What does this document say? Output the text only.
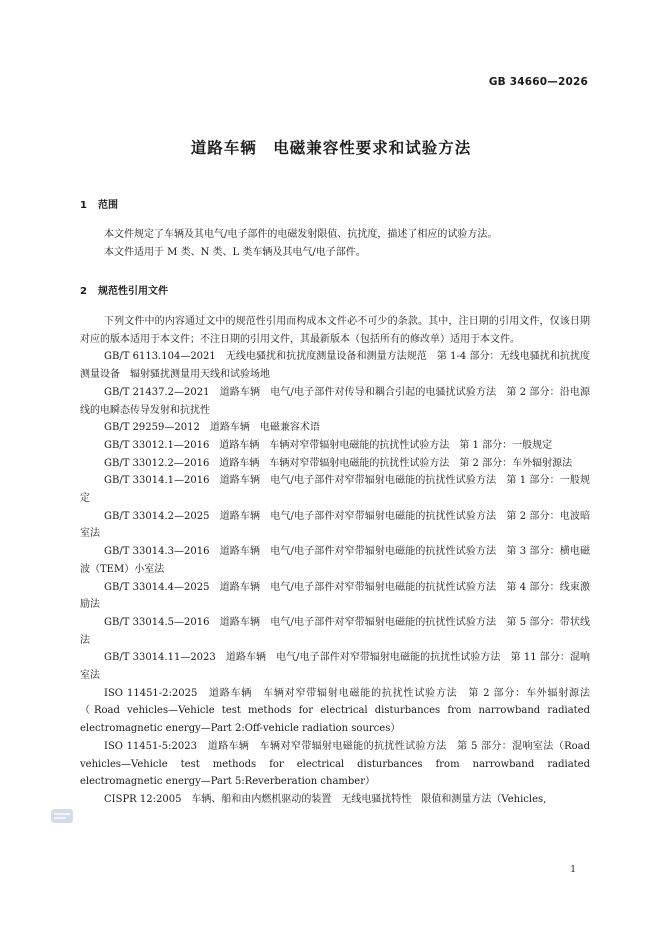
GB 34660—2026
道路车辆　电磁兼容性要求和试验方法
1 范围
本文件规定了车辆及其电气/电子部件的电磁发射限值、抗扰度，描述了相应的试验方法。
本文件适用于 M 类、N 类、L 类车辆及其电气/电子部件。
2 规范性引用文件

下列文件中的内容通过文中的规范性引用而构成本文件必不可少的条款。其中，注日期的引用文件，仅该日期对应的版本适用于本文件；不注日期的引用文件，其最新版本（包括所有的修改单）适用于本文件。

GB/T 6113.104—2021　无线电骚扰和抗扰度测量设备和测量方法规范　第 1-4 部分：无线电骚扰和抗扰度测量设备　辐射骚扰测量用天线和试验场地

GB/T 21437.2—2021　道路车辆　电气/电子部件对传导和耦合引起的电骚扰试验方法　第 2 部分：沿电源线的电瞬态传导发射和抗扰性

GB/T 29259—2012　道路车辆　电磁兼容术语

GB/T 33012.1—2016　道路车辆　车辆对窄带辐射电磁能的抗扰性试验方法　第 1 部分：一般规定

GB/T 33012.2—2016　道路车辆　车辆对窄带辐射电磁能的抗扰性试验方法　第 2 部分：车外辐射源法

GB/T 33014.1—2016　道路车辆　电气/电子部件对窄带辐射电磁能的抗扰性试验方法　第 1 部分：一般规定

GB/T 33014.2—2025　道路车辆　电气/电子部件对窄带辐射电磁能的抗扰性试验方法　第 2 部分：电波暗室法

GB/T 33014.3—2016　道路车辆　电气/电子部件对窄带辐射电磁能的抗扰性试验方法　第 3 部分：横电磁波（TEM）小室法

GB/T 33014.4—2025　道路车辆　电气/电子部件对窄带辐射电磁能的抗扰性试验方法　第 4 部分：线束激励法

GB/T 33014.5—2016　道路车辆　电气/电子部件对窄带辐射电磁能的抗扰性试验方法　第 5 部分：带状线法

GB/T 33014.11—2023　道路车辆　电气/电子部件对窄带辐射电磁能的抗扰性试验方法　第 11 部分：混响室法

ISO 11451-2:2025　道路车辆　车辆对窄带辐射电磁能的抗扰性试验方法　第 2 部分：车外辐射源法（Road vehicles—Vehicle test methods for electrical disturbances from narrowband radiated electromagnetic energy—Part 2:Off-vehicle radiation sources）

ISO 11451-5:2023　道路车辆　车辆对窄带辐射电磁能的抗扰性试验方法　第 5 部分：混响室法（Road vehicles—Vehicle test methods for electrical disturbances from narrowband radiated electromagnetic energy—Part 5:Reverberation chamber）

CISPR 12:2005　车辆、船和由内燃机驱动的装置　无线电骚扰特性　限值和测量方法（Vehicles,

1
